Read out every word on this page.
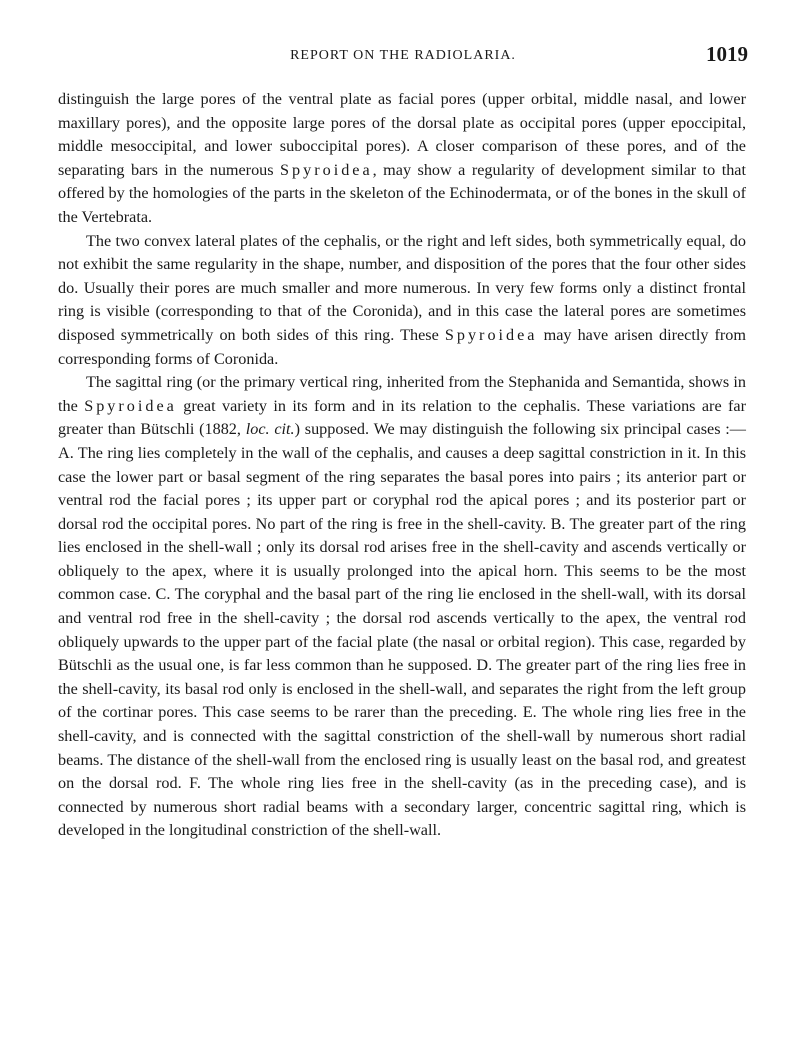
REPORT ON THE RADIOLARIA.	1019

distinguish the large pores of the ventral plate as facial pores (upper orbital, middle nasal, and lower maxillary pores), and the opposite large pores of the dorsal plate as occipital pores (upper epoccipital, middle mesoccipital, and lower suboccipital pores). A closer comparison of these pores, and of the separating bars in the numerous Spyroidea, may show a regularity of development similar to that offered by the homologies of the parts in the skeleton of the Echinodermata, or of the bones in the skull of the Vertebrata.

The two convex lateral plates of the cephalis, or the right and left sides, both symmetrically equal, do not exhibit the same regularity in the shape, number, and disposition of the pores that the four other sides do. Usually their pores are much smaller and more numerous. In very few forms only a distinct frontal ring is visible (corresponding to that of the Coronida), and in this case the lateral pores are sometimes disposed symmetrically on both sides of this ring. These Spyroidea may have arisen directly from corresponding forms of Coronida.

The sagittal ring (or the primary vertical ring, inherited from the Stephanida and Semantida, shows in the Spyroidea great variety in its form and in its relation to the cephalis. These variations are far greater than Bütschli (1882, loc. cit.) supposed. We may distinguish the following six principal cases :—A. The ring lies completely in the wall of the cephalis, and causes a deep sagittal constriction in it. In this case the lower part or basal segment of the ring separates the basal pores into pairs ; its anterior part or ventral rod the facial pores ; its upper part or coryphal rod the apical pores ; and its posterior part or dorsal rod the occipital pores. No part of the ring is free in the shell-cavity. B. The greater part of the ring lies enclosed in the shell-wall ; only its dorsal rod arises free in the shell-cavity and ascends vertically or obliquely to the apex, where it is usually prolonged into the apical horn. This seems to be the most common case. C. The coryphal and the basal part of the ring lie enclosed in the shell-wall, with its dorsal and ventral rod free in the shell-cavity ; the dorsal rod ascends vertically to the apex, the ventral rod obliquely upwards to the upper part of the facial plate (the nasal or orbital region). This case, regarded by Bütschli as the usual one, is far less common than he supposed. D. The greater part of the ring lies free in the shell-cavity, its basal rod only is enclosed in the shell-wall, and separates the right from the left group of the cortinar pores. This case seems to be rarer than the preceding. E. The whole ring lies free in the shell-cavity, and is connected with the sagittal constriction of the shell-wall by numerous short radial beams. The distance of the shell-wall from the enclosed ring is usually least on the basal rod, and greatest on the dorsal rod. F. The whole ring lies free in the shell-cavity (as in the preceding case), and is connected by numerous short radial beams with a secondary larger, concentric sagittal ring, which is developed in the longitudinal constriction of the shell-wall.
